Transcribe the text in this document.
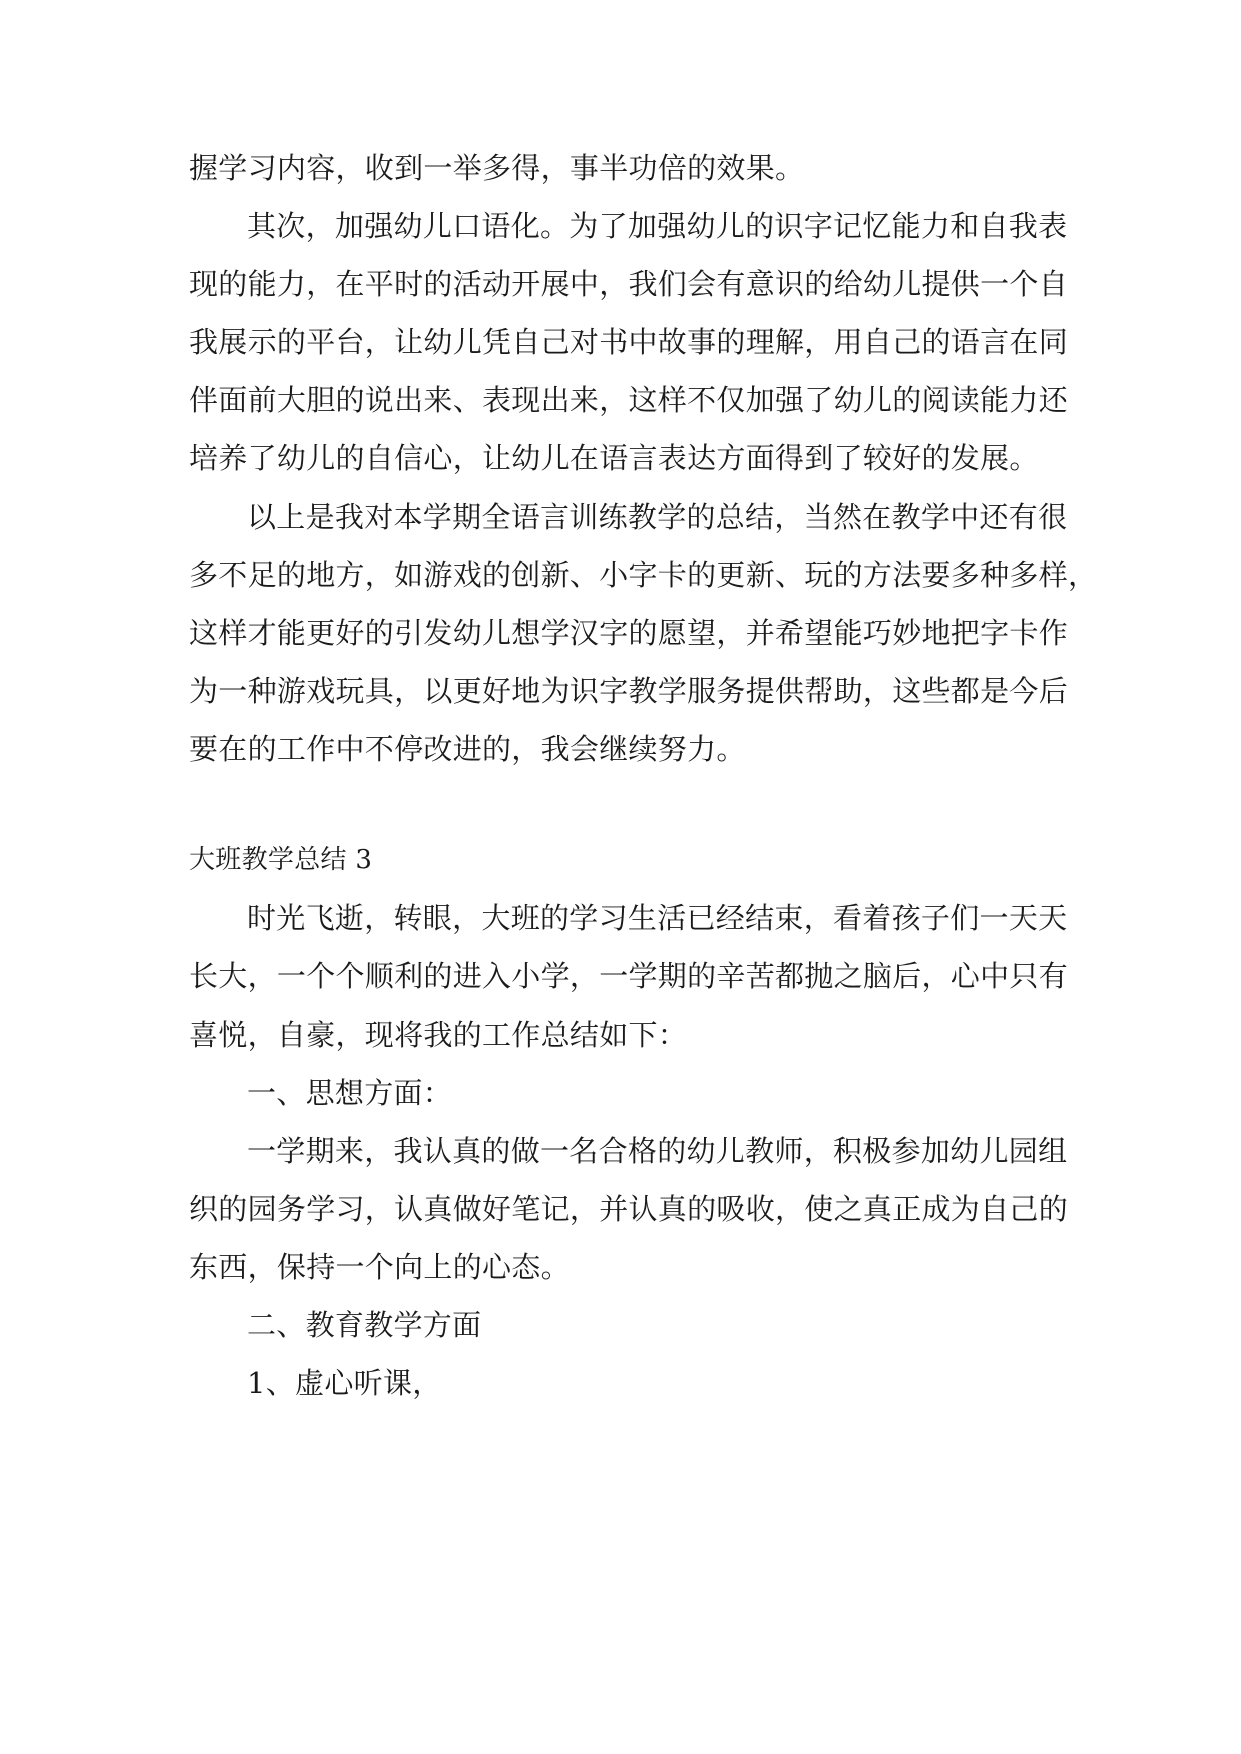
握学习内容，收到一举多得，事半功倍的效果。
其次，加强幼儿口语化。为了加强幼儿的识字记忆能力和自我表
现的能力，在平时的活动开展中，我们会有意识的给幼儿提供一个自
我展示的平台，让幼儿凭自己对书中故事的理解，用自己的语言在同
伴面前大胆的说出来、表现出来，这样不仅加强了幼儿的阅读能力还
培养了幼儿的自信心，让幼儿在语言表达方面得到了较好的发展。
以上是我对本学期全语言训练教学的总结，当然在教学中还有很
多不足的地方，如游戏的创新、小字卡的更新、玩的方法要多种多样，
这样才能更好的引发幼儿想学汉字的愿望，并希望能巧妙地把字卡作
为一种游戏玩具，以更好地为识字教学服务提供帮助，这些都是今后
要在的工作中不停改进的，我会继续努力。
大班教学总结 3
时光飞逝，转眼，大班的学习生活已经结束，看着孩子们一天天
长大，一个个顺利的进入小学，一学期的辛苦都抛之脑后，心中只有
喜悦，自豪，现将我的工作总结如下：
一、思想方面：
一学期来，我认真的做一名合格的幼儿教师，积极参加幼儿园组
织的园务学习，认真做好笔记，并认真的吸收，使之真正成为自己的
东西，保持一个向上的心态。
二、教育教学方面
1、虚心听课，
